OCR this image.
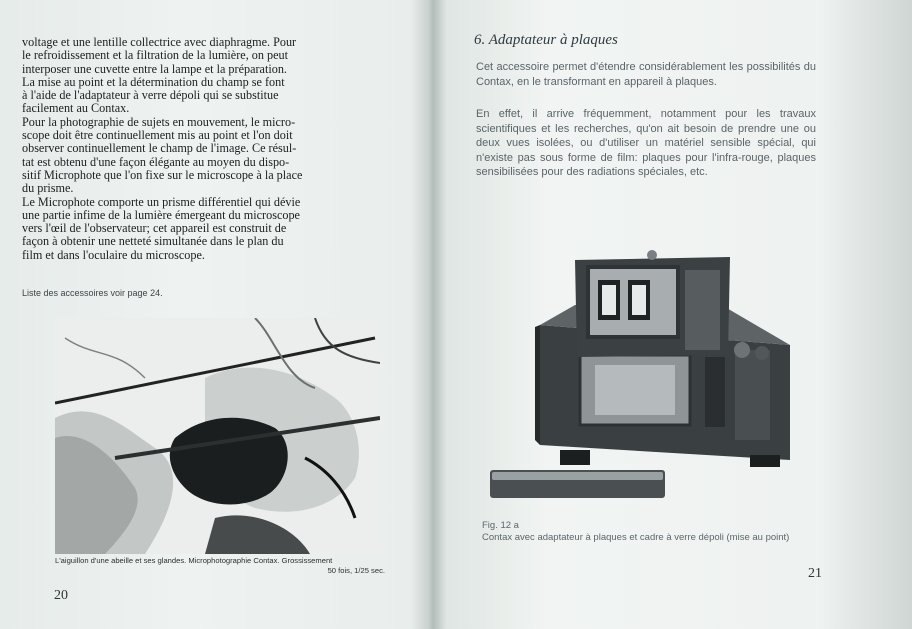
voltage et une lentille collectrice avec diaphragme. Pour
le refroidissement et la filtration de la lumière, on peut
interposer une cuvette entre la lampe et la préparation.
La mise au point et la détermination du champ se font
à l'aide de l'adaptateur à verre dépoli qui se substitue
facilement au Contax.
Pour la photographie de sujets en mouvement, le micro-
scope doit être continuellement mis au point et l'on doit
observer continuellement le champ de l'image. Ce résul-
tat est obtenu d'une façon élégante au moyen du dispo-
sitif Microphote que l'on fixe sur le microscope à la place
du prisme.
Le Microphote comporte un prisme différentiel qui dévie
une partie infime de la lumière émergeant du microscope
vers l'œil de l'observateur; cet appareil est construit de
façon à obtenir une netteté simultanée dans le plan du
film et dans l'oculaire du microscope.
Liste des accessoires voir page 24.
L'aiguillon d'une abeille et ses glandes. Microphotographie Contax. Grossissement
50 fois, 1/25 sec.
20
6. Adaptateur à plaques
Cet accessoire permet d'étendre considérablement les possibilités du Contax, en le transformant en appareil à plaques.
En effet, il arrive fréquemment, notamment pour les travaux scientifiques et les recherches, qu'on ait besoin de prendre une ou deux vues isolées, ou d'utiliser un matériel sensible spécial, qui n'existe pas sous forme de film: plaques pour l'infra-rouge, plaques sensibilisées pour des radiations spéciales, etc.
Fig. 12 a
Contax avec adaptateur à plaques et cadre à verre dépoli (mise au point)
21
